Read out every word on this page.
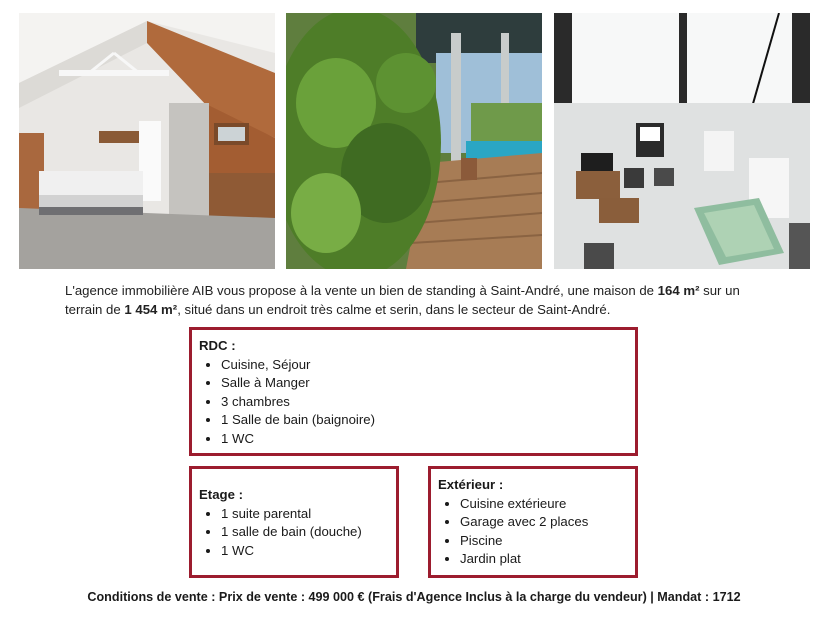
L'agence immobilière AIB vous propose à la vente un bien de standing à Saint-André, une maison de 164 m² sur un terrain de 1 454 m², situé dans un endroit très calme et serin, dans le secteur de Saint-André.
RDC :
Cuisine, Séjour
Salle à Manger
3 chambres
1 Salle de bain (baignoire)
1 WC
Etage :
1 suite parental
1 salle de bain (douche)
1 WC
Extérieur :
Cuisine extérieure
Garage avec 2 places
Piscine
Jardin plat
Conditions de vente : Prix de vente : 499 000 € (Frais d'Agence Inclus à la charge du vendeur) | Mandat : 1712
